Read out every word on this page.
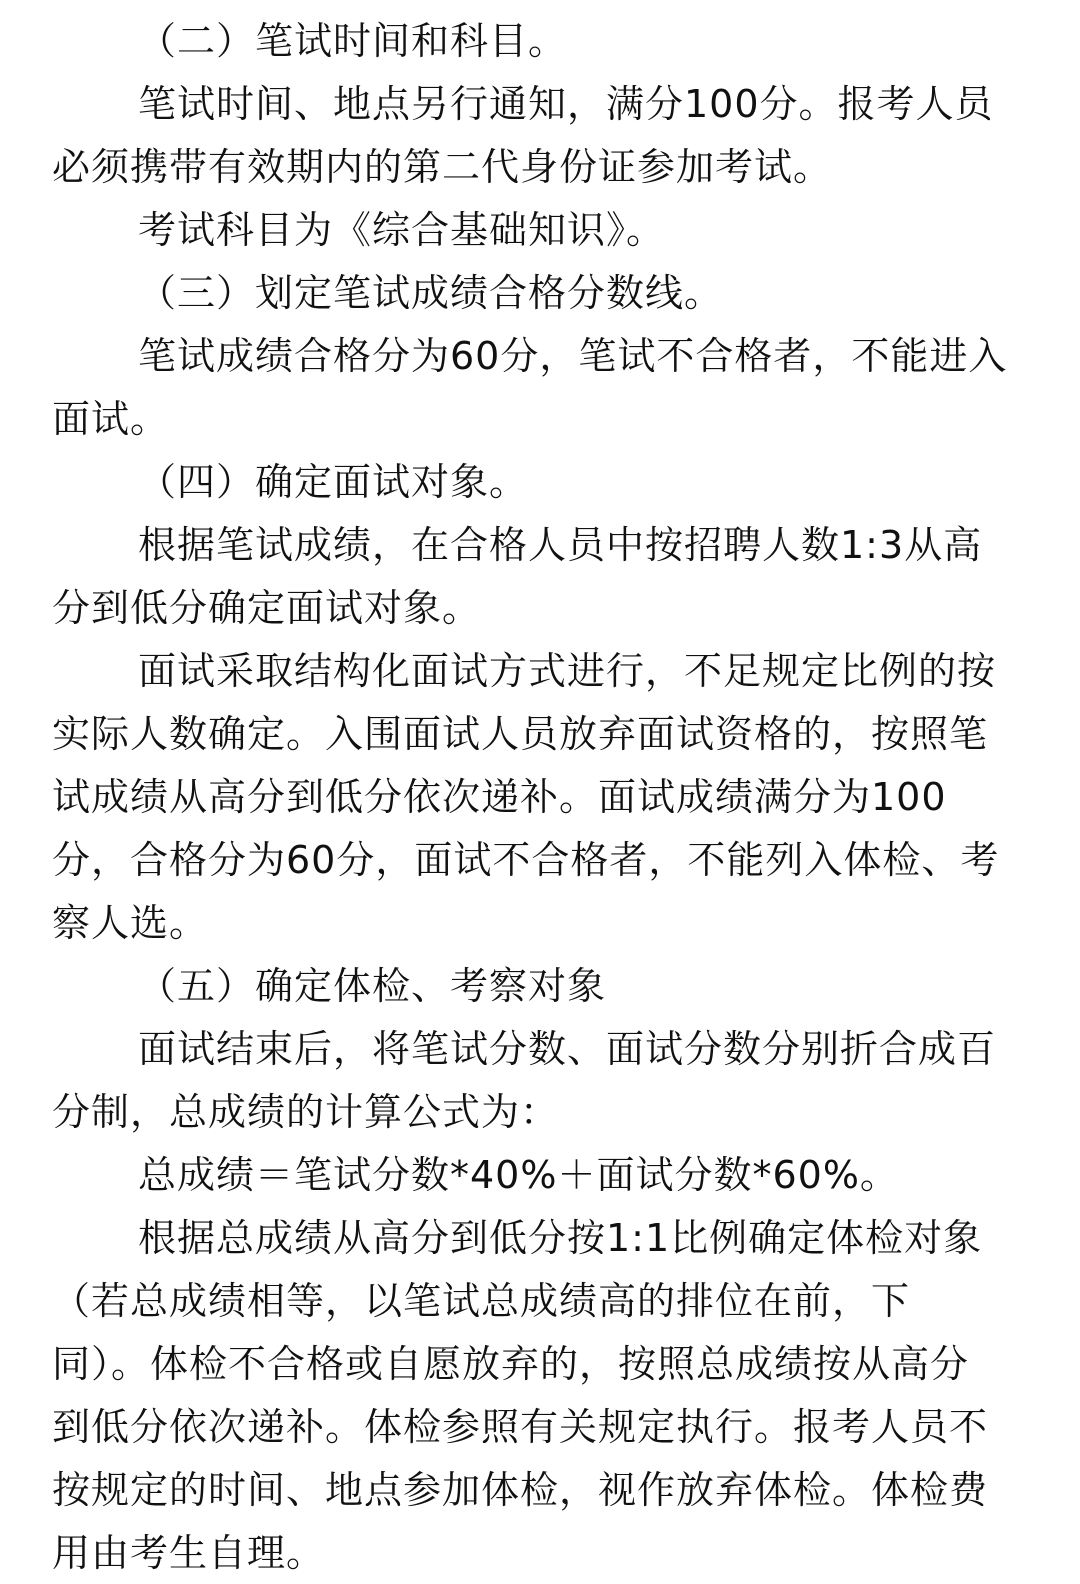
（二）笔试时间和科目。
笔试时间、地点另行通知，满分100分。报考人员
必须携带有效期内的第二代身份证参加考试。
考试科目为《综合基础知识》。
（三）划定笔试成绩合格分数线。
笔试成绩合格分为60分，笔试不合格者，不能进入
面试。
（四）确定面试对象。
根据笔试成绩，在合格人员中按招聘人数1:3从高
分到低分确定面试对象。
面试采取结构化面试方式进行，不足规定比例的按
实际人数确定。入围面试人员放弃面试资格的，按照笔
试成绩从高分到低分依次递补。面试成绩满分为100
分，合格分为60分，面试不合格者，不能列入体检、考
察人选。
（五）确定体检、考察对象
面试结束后，将笔试分数、面试分数分别折合成百
分制，总成绩的计算公式为：
总成绩＝笔试分数*40%＋面试分数*60%。
根据总成绩从高分到低分按1:1比例确定体检对象
（若总成绩相等，以笔试总成绩高的排位在前，下
同）。体检不合格或自愿放弃的，按照总成绩按从高分
到低分依次递补。体检参照有关规定执行。报考人员不
按规定的时间、地点参加体检，视作放弃体检。体检费
用由考生自理。
